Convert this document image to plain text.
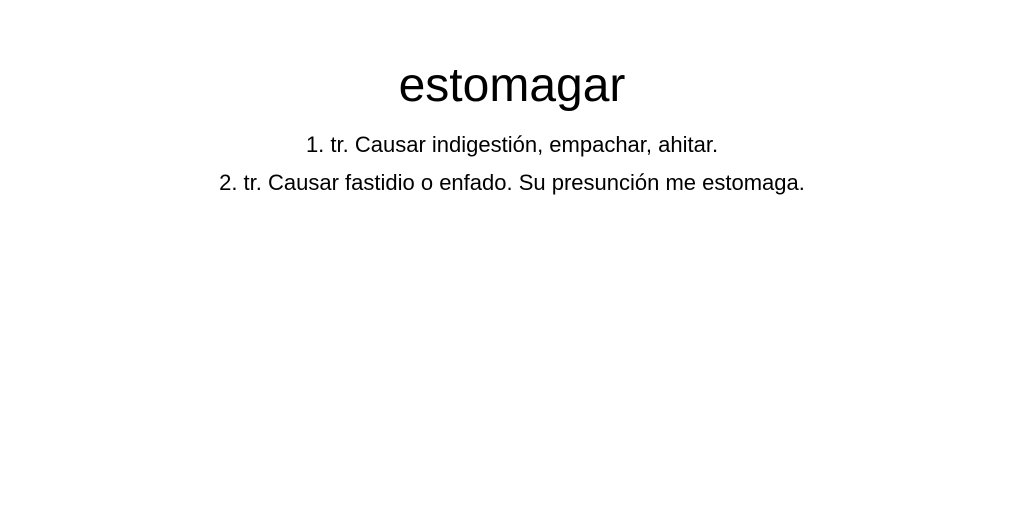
estomagar
1. tr. Causar indigestión, empachar, ahitar.
2. tr. Causar fastidio o enfado. Su presunción me estomaga.
